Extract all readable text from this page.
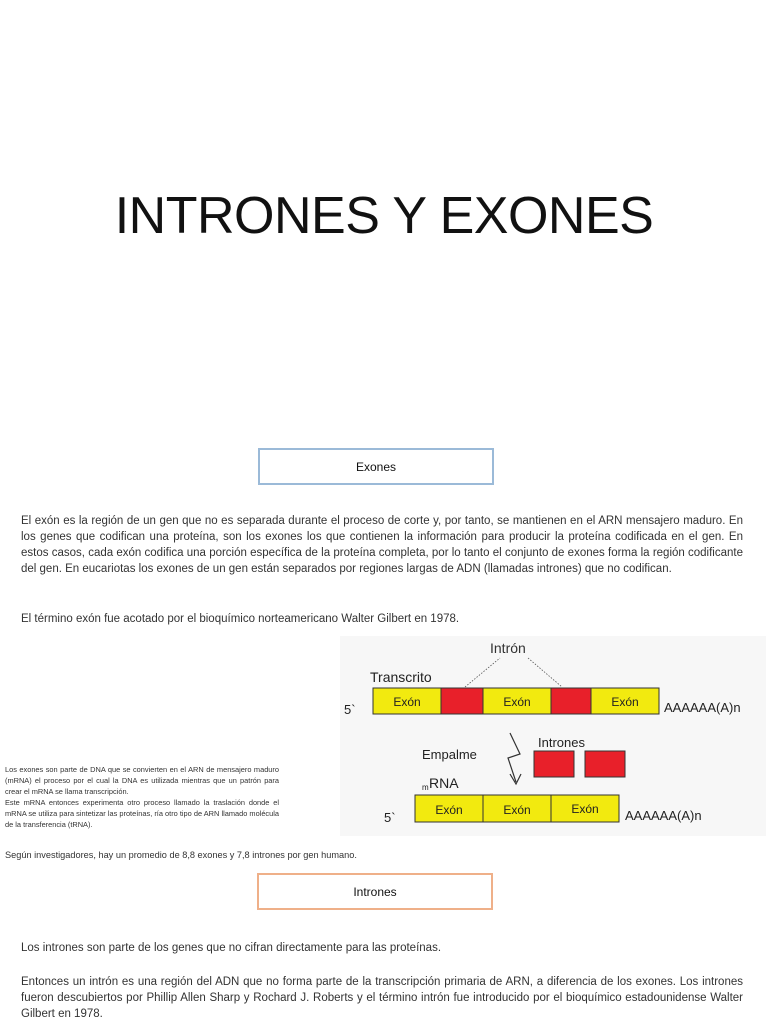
INTRONES Y EXONES
Exones
El exón es la región de un gen que no es separada durante el proceso de corte y, por tanto, se mantienen en el ARN mensajero maduro. En los genes que codifican una proteína, son los exones los que contienen la información para producir la proteína codificada en el gen. En estos casos, cada exón codifica una porción específica de la proteína completa, por lo tanto el conjunto de exones forma la región codificante del gen. En eucariotas los exones de un gen están separados por regiones largas de ADN (llamadas intrones) que no codifican.
El término exón fue acotado por el bioquímico norteamericano Walter Gilbert en 1978.
Intrón
Transcrito
5`	Exón	Exón	Exón AAAAAA(A)n
Empalme
Intrones
m RNA
5`	Exón	Exón	Exón AAAAAA(A)n
Los exones son parte de DNA que se convierten en el ARN de mensajero maduro (mRNA) el proceso por el cual la DNA es utilizada mientras que un patrón para crear el mRNA se llama transcripción.
Este mRNA entonces experimenta otro proceso llamado la traslación donde el mRNA se utiliza para sintetizar las proteínas, ría otro tipo de ARN llamado molécula de la transferencia (tRNA).
Según investigadores, hay un promedio de 8,8 exones y 7,8 intrones por gen humano.
Intrones
Los intrones son parte de los genes que no cifran directamente para las proteínas.
Entonces un intrón es una región del ADN que no forma parte de la transcripción primaria de ARN, a diferencia de los exones. Los intrones fueron descubiertos por Phillip Allen Sharp y Rochard J. Roberts y el término intrón fue introducido por el bioquímico estadounidense Walter Gilbert en 1978.
